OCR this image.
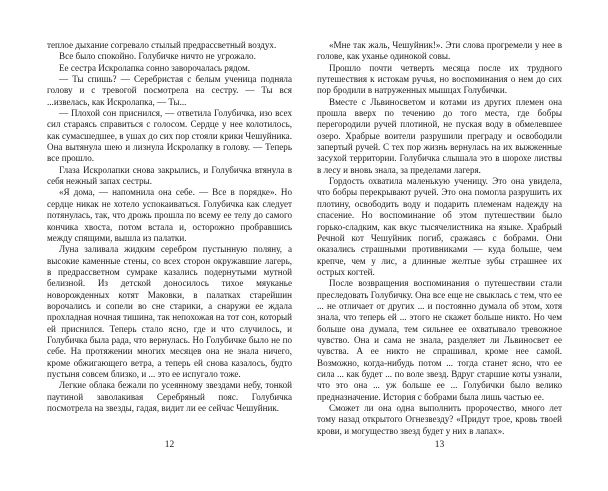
теплое дыхание согревало стылый предрассветный воздух.

Все было спокойно. Голубичке ничто не угрожало.

Ее сестра Искролапка сонно заворочалась рядом.

— Ты спишь? — Серебристая с белым ученица подняла голову и с тревогой посмотрела на сестру. — Ты вся ...извелась, как Искролапка, — Ты...

— Плохой сон приснился, — ответила Голубичка, изо всех сил стараясь справиться с голосом. Сердце у нее колотилось, как сумасшедшее, в ушах до сих пор стояли крики Чешуйника. Она вытянула шею и лизнула Искролапку в голову. — Теперь все прошло.

Глаза Искролапки снова закрылись, и Голубичка втянула в себя нежный запах сестры.

«Я дома, — напомнила она себе. — Все в порядке». Но сердце никак не хотело успокаиваться. Голубичка как следует потянулась, так, что дрожь прошла по всему ее телу до самого кончика хвоста, потом встала и, осторожно пробравшись между спящими, вышла из палатки.

Луна заливала жидким серебром пустынную поляну, а высокие каменные стены, со всех сторон окружавшие лагерь, в предрассветном сумраке казались подернутыми мутной белизной. Из детской доносилось тихое мяуканье новорожденных котят Маковки, в палатках старейшин ворочались и сопели во сне старики, а снаружи ее ждала прохладная ночная тишина, так непохожая на тот сон, который ей приснился. Теперь стало ясно, где и что случилось, и Голубичка была рада, что вернулась. Но Голубичке было не по себе. На протяжении многих месяцев она не знала ничего, кроме обжигающего ветра, а теперь ей снова казалось, будто пустыня совсем близко, и ... это ее испугало тоже.

Легкие облака бежали по усеянному звездами небу, тонкой паутиной заволакивая Серебряный пояс. Голубичка посмотрела на звезды, гадая, видит ли ее сейчас Чешуйник.

12

«Мне так жаль, Чешуйник!». Эти слова прогремели у нее в голове, как уханье одинокой совы.

Прошло почти четверть месяца после их трудного путешествия к истокам ручья, но воспоминания о нем до сих пор бродили в натруженных мышцах Голубички.

Вместе с Львиносветом и котами из других племен она прошла вверх по течению до того места, где бобры перегородили ручей плотиной, не пуская воду в обмелевшее озеро. Храбрые воители разрушили преграду и освободили запертый ручей. С тех пор жизнь вернулась на их выжженные засухой территории. Голубичка слышала это в шорохе листвы в лесу и вновь знала, за пределами лагеря.

Гордость охватила маленькую ученицу. Это она увидела, что бобры перекрывают ручей. Это она помогла разрушить их плотину, освободить воду и подарить племенам надежду на спасение. Но воспоминание об этом путешествии было горько-сладким, как вкус тысячелистника на языке. Храбрый Речной кот Чешуйник погиб, сражаясь с бобрами. Они оказались страшными противниками — куда больше, чем крепче, чем у лис, а длинные желтые зубы страшнее их острых когтей.

После возвращения воспоминания о путешествии стали преследовать Голубичку. Она все еще не свыклась с тем, что ее ... не отличает от других ... и постоянно думала об этом, хотя знала, что теперь ей ... этого не скажет больше никто. Но чем больше она думала, тем сильнее ее охватывало тревожное чувство. Она и сама не знала, разделяет ли Львиносвет ее чувства. А ее никто не спрашивал, кроме нее самой. Возможно, когда-нибудь потом ... тогда станет ясно, что ее сила ... как будет ... по воле звезд. Вдруг старшие коты узнали, что это она ... уж больше ее ... Голубички было велико предназначение. История с бобрами была лишь частью ее.

Сможет ли она одна выполнить пророчество, много лет тому назад открытого Огнезвезду? «Придут трое, кровь твоей крови, и могущество звезд будет у них в лапах».

13
